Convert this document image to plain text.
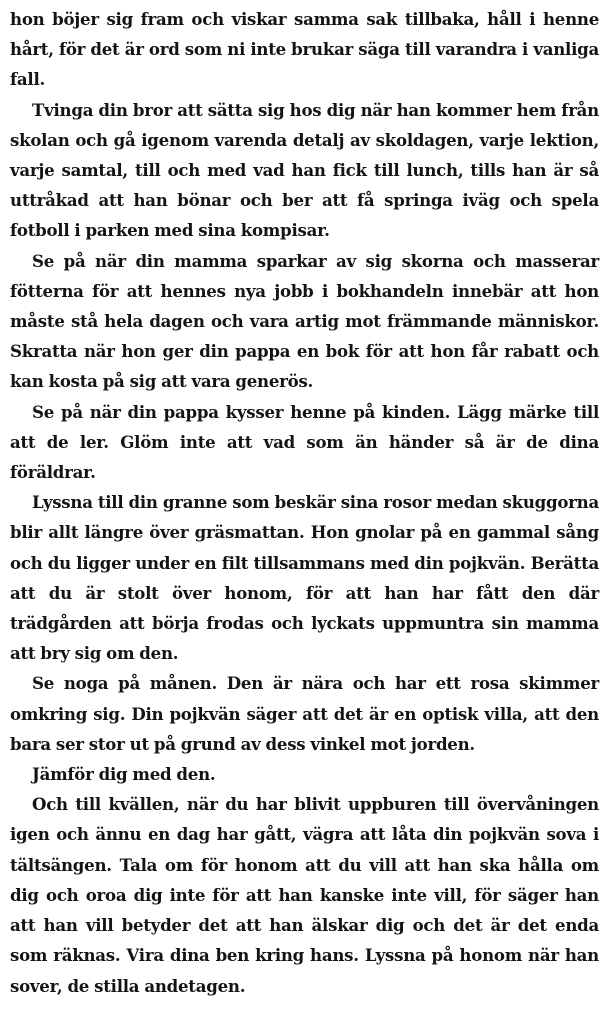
hon böjer sig fram och viskar samma sak tillbaka, håll i henne hårt, för det är ord som ni inte brukar säga till varandra i vanliga fall.

Tvinga din bror att sätta sig hos dig när han kommer hem från skolan och gå igenom varenda detalj av skoldagen, varje lektion, varje samtal, till och med vad han fick till lunch, tills han är så uttråkad att han bönar och ber att få springa iväg och spela fotboll i parken med sina kompisar.

Se på när din mamma sparkar av sig skorna och masserar fötterna för att hennes nya jobb i bokhandeln innebär att hon måste stå hela dagen och vara artig mot främmande människor. Skratta när hon ger din pappa en bok för att hon får rabatt och kan kosta på sig att vara generös.

Se på när din pappa kysser henne på kinden. Lägg märke till att de ler. Glöm inte att vad som än händer så är de dina föräldrar.

Lyssna till din granne som beskär sina rosor medan skuggorna blir allt längre över gräsmattan. Hon gnolar på en gammal sång och du ligger under en filt tillsammans med din pojkvän. Berätta att du är stolt över honom, för att han har fått den där trädgården att börja frodas och lyckats uppmuntra sin mamma att bry sig om den.

Se noga på månen. Den är nära och har ett rosa skimmer omkring sig. Din pojkvän säger att det är en optisk villa, att den bara ser stor ut på grund av dess vinkel mot jorden.

Jämför dig med den.

Och till kvällen, när du har blivit uppburen till övervåningen igen och ännu en dag har gått, vägra att låta din pojkvän sova i tältsängen. Tala om för honom att du vill att han ska hålla om dig och oroa dig inte för att han kanske inte vill, för säger han att han vill betyder det att han älskar dig och det är det enda som räknas. Vira dina ben kring hans. Lyssna på honom när han sover, de stilla andetagen.
